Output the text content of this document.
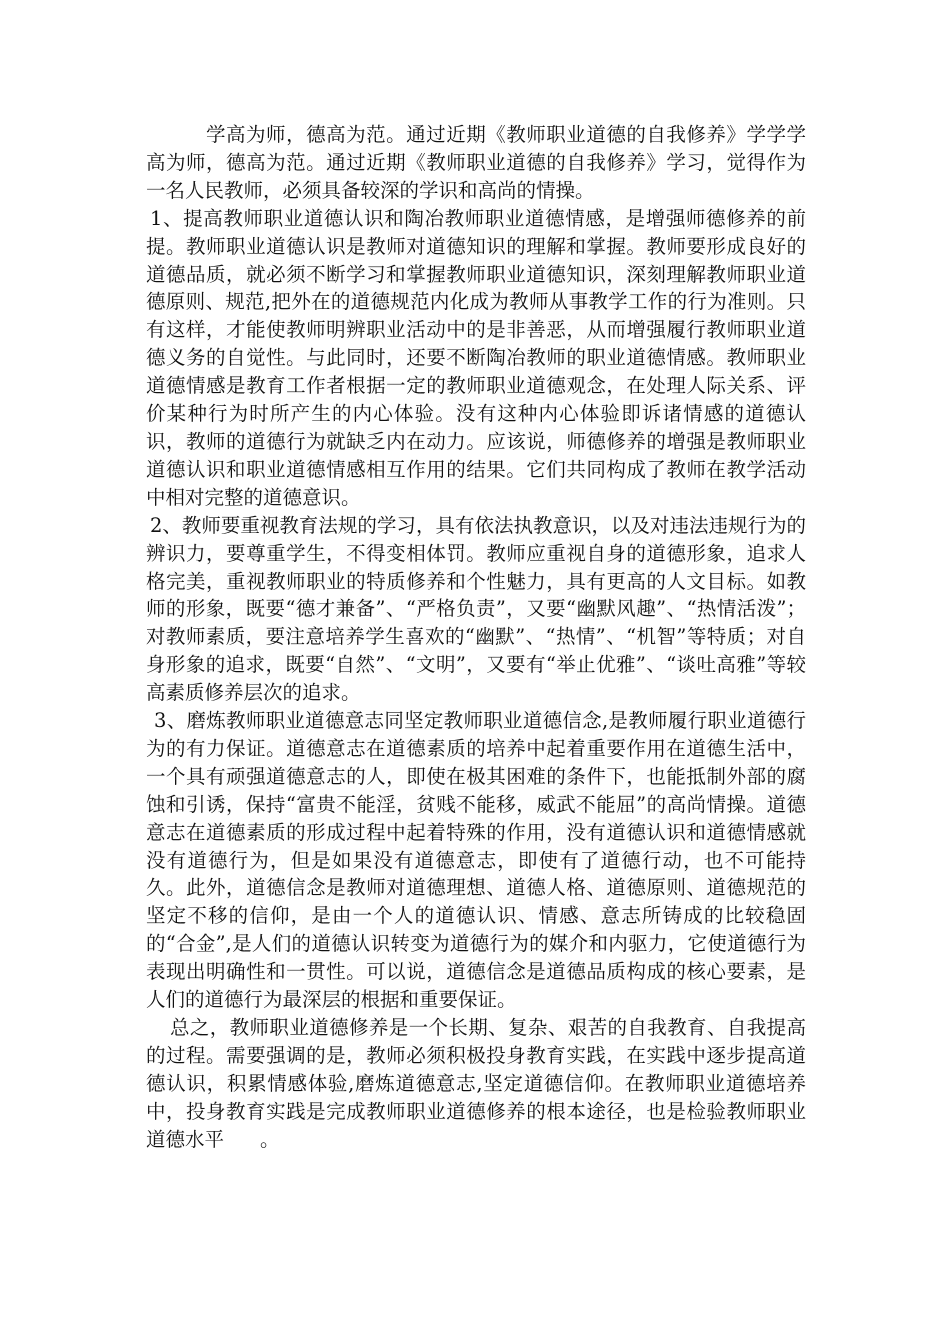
学高为师，德高为范。通过近期《教师职业道德的自我修养》学学学高为师，德高为范。通过近期《教师职业道德的自我修养》学习，觉得作为一名人民教师，必须具备较深的学识和高尚的情操。

1、提高教师职业道德认识和陶冶教师职业道德情感，是增强师德修养的前提。教师职业道德认识是教师对道德知识的理解和掌握。教师要形成良好的道德品质，就必须不断学习和掌握教师职业道德知识，深刻理解教师职业道德原则、规范,把外在的道德规范内化成为教师从事教学工作的行为准则。只有这样，才能使教师明辨职业活动中的是非善恶，从而增强履行教师职业道德义务的自觉性。与此同时，还要不断陶冶教师的职业道德情感。教师职业道德情感是教育工作者根据一定的教师职业道德观念，在处理人际关系、评价某种行为时所产生的内心体验。没有这种内心体验即诉诸情感的道德认识，教师的道德行为就缺乏内在动力。应该说，师德修养的增强是教师职业道德认识和职业道德情感相互作用的结果。它们共同构成了教师在教学活动中相对完整的道德意识。

2、教师要重视教育法规的学习，具有依法执教意识，以及对违法违规行为的辨识力，要尊重学生，不得变相体罚。教师应重视自身的道德形象，追求人格完美，重视教师职业的特质修养和个性魅力，具有更高的人文目标。如教师的形象，既要“德才兼备”、“严格负责”，又要“幽默风趣”、“热情活泼”；对教师素质，要注意培养学生喜欢的“幽默”、“热情”、“机智”等特质；对自身形象的追求，既要“自然”、“文明”，又要有“举止优雅”、“谈吐高雅”等较高素质修养层次的追求。

3、磨炼教师职业道德意志同坚定教师职业道德信念,是教师履行职业道德行为的有力保证。道德意志在道德素质的培养中起着重要作用在道德生活中，一个具有顽强道德意志的人，即使在极其困难的条件下，也能抵制外部的腐蚀和引诱，保持“富贵不能淫，贫贱不能移，威武不能屈”的高尚情操。道德意志在道德素质的形成过程中起着特殊的作用，没有道德认识和道德情感就没有道德行为，但是如果没有道德意志，即使有了道德行动，也不可能持久。此外，道德信念是教师对道德理想、道德人格、道德原则、道德规范的坚定不移的信仰，是由一个人的道德认识、情感、意志所铸成的比较稳固的“合金”,是人们的道德认识转变为道德行为的媒介和内驱力，它使道德行为表现出明确性和一贯性。可以说，道德信念是道德品质构成的核心要素，是人们的道德行为最深层的根据和重要保证。

总之，教师职业道德修养是一个长期、复杂、艰苦的自我教育、自我提高的过程。需要强调的是，教师必须积极投身教育实践，在实践中逐步提高道德认识，积累情感体验,磨炼道德意志,坚定道德信仰。在教师职业道德培养中，投身教育实践是完成教师职业道德修养的根本途径，也是检验教师职业道德水平 。
